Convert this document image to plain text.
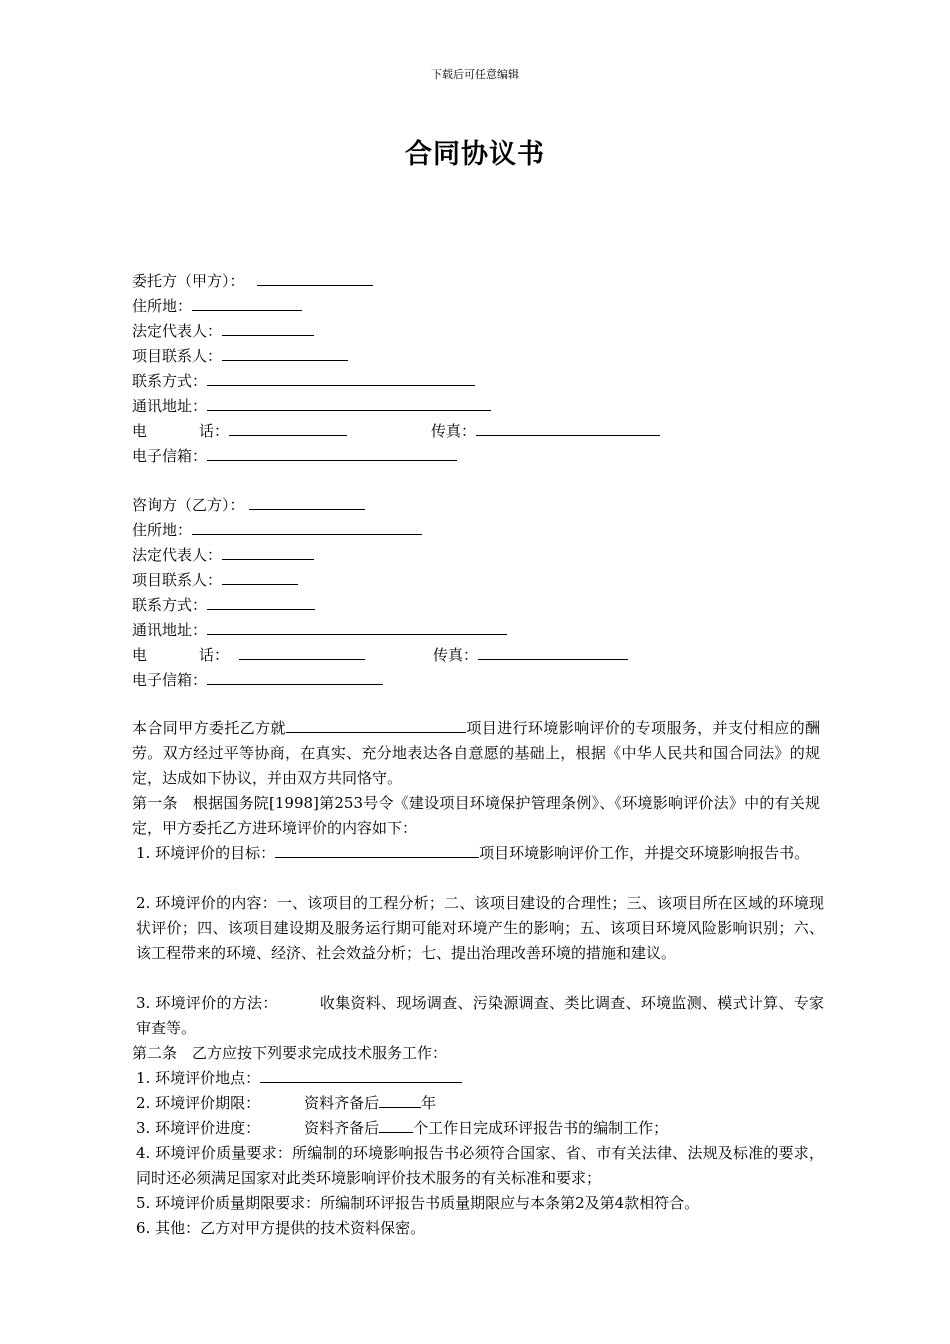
下载后可任意编辑
合同协议书
委托方（甲方）：
住所地：
法定代表人：
项目联系人：
联系方式：
通讯地址：
电	话：	传真：
电子信箱：
咨询方（乙方）：
住所地：
法定代表人：
项目联系人：
联系方式：
通讯地址：
电	话：	传真：
电子信箱：
本合同甲方委托乙方就	项目进行环境影响评价的专项服务，并支付相应的酬劳。双方经过平等协商，在真实、充分地表达各自意愿的基础上，根据《中华人民共和国合同法》的规定，达成如下协议，并由双方共同恪守。
第一条　根据国务院[1998]第253号令《建设项目环境保护管理条例》、《环境影响评价法》中的有关规定，甲方委托乙方进环境评价的内容如下：
1. 环境评价的目标：	项目环境影响评价工作，并提交环境影响报告书。
2. 环境评价的内容：一、该项目的工程分析；二、该项目建设的合理性；三、该项目所在区域的环境现状评价；四、该项目建设期及服务运行期可能对环境产生的影响；五、该项目环境风险影响识别；六、该工程带来的环境、经济、社会效益分析；七、提出治理改善环境的措施和建议。
3. 环境评价的方法：	收集资料、现场调查、污染源调查、类比调查、环境监测、模式计算、专家审查等。
第二条　乙方应按下列要求完成技术服务工作：
1. 环境评价地点：
2. 环境评价期限：	资料齐备后	年
3. 环境评价进度：	资料齐备后 个工作日完成环评报告书的编制工作；
4. 环境评价质量要求：所编制的环境影响报告书必须符合国家、省、市有关法律、法规及标准的要求，同时还必须满足国家对此类环境影响评价技术服务的有关标准和要求；
5. 环境评价质量期限要求：所编制环评报告书质量期限应与本条第2及第4款相符合。
6. 其他：乙方对甲方提供的技术资料保密。
